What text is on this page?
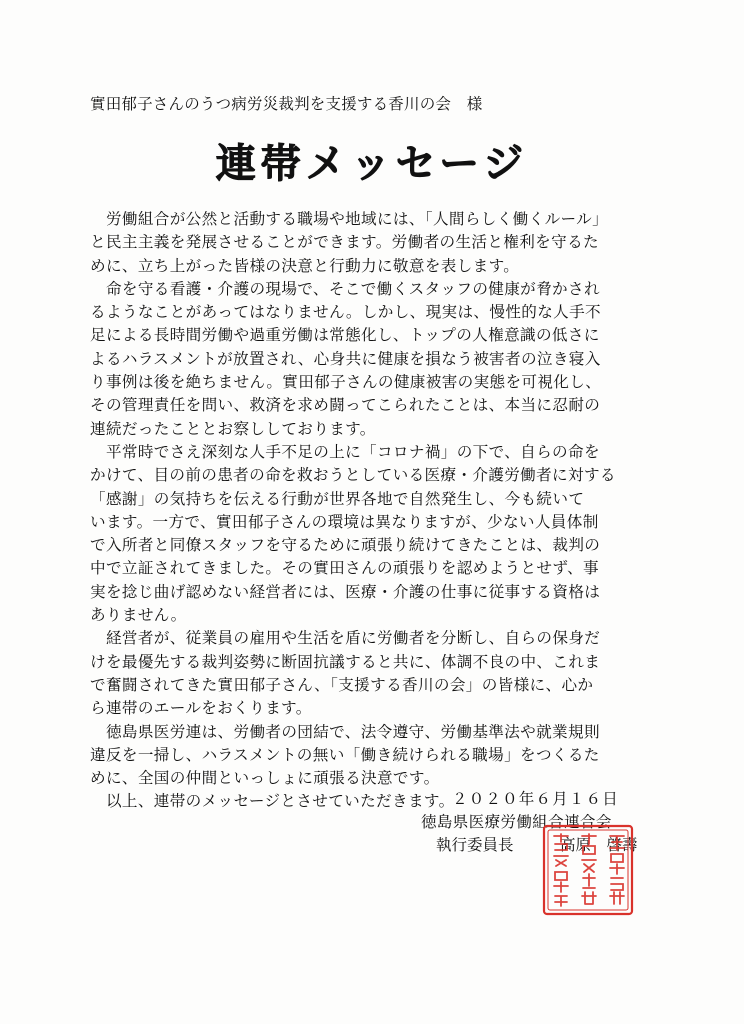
實田郁子さんのうつ病労災裁判を支援する香川の会　様
連帯メッセージ
　労働組合が公然と活動する職場や地域には、「人間らしく働くルール」
と民主主義を発展させることができます。労働者の生活と権利を守るた
めに、立ち上がった皆様の決意と行動力に敬意を表します。
　命を守る看護・介護の現場で、そこで働くスタッフの健康が脅かされ
るようなことがあってはなりません。しかし、現実は、慢性的な人手不
足による長時間労働や過重労働は常態化し、トップの人権意識の低さに
よるハラスメントが放置され、心身共に健康を損なう被害者の泣き寝入
り事例は後を絶ちません。實田郁子さんの健康被害の実態を可視化し、
その管理責任を問い、救済を求め闘ってこられたことは、本当に忍耐の
連続だったこととお察ししております。
　平常時でさえ深刻な人手不足の上に「コロナ禍」の下で、自らの命を
かけて、目の前の患者の命を救おうとしている医療・介護労働者に対する
「感謝」の気持ちを伝える行動が世界各地で自然発生し、今も続いて
います。一方で、實田郁子さんの環境は異なりますが、少ない人員体制
で入所者と同僚スタッフを守るために頑張り続けてきたことは、裁判の
中で立証されてきました。その實田さんの頑張りを認めようとせず、事
実を捻じ曲げ認めない経営者には、医療・介護の仕事に従事する資格は
ありません。
　経営者が、従業員の雇用や生活を盾に労働者を分断し、自らの保身だ
けを最優先する裁判姿勢に断固抗議すると共に、体調不良の中、これま
で奮闘されてきた實田郁子さん、「支援する香川の会」の皆様に、心か
ら連帯のエールをおくります。
　徳島県医労連は、労働者の団結で、法令遵守、労働基準法や就業規則
違反を一掃し、ハラスメントの無い「働き続けられる職場」をつくるた
めに、全国の仲間といっしょに頑張る決意です。
　以上、連帯のメッセージとさせていただきます。
２０２０年６月１６日
徳島県医療労働組合連合会
執行委員長	高原　啓壽
